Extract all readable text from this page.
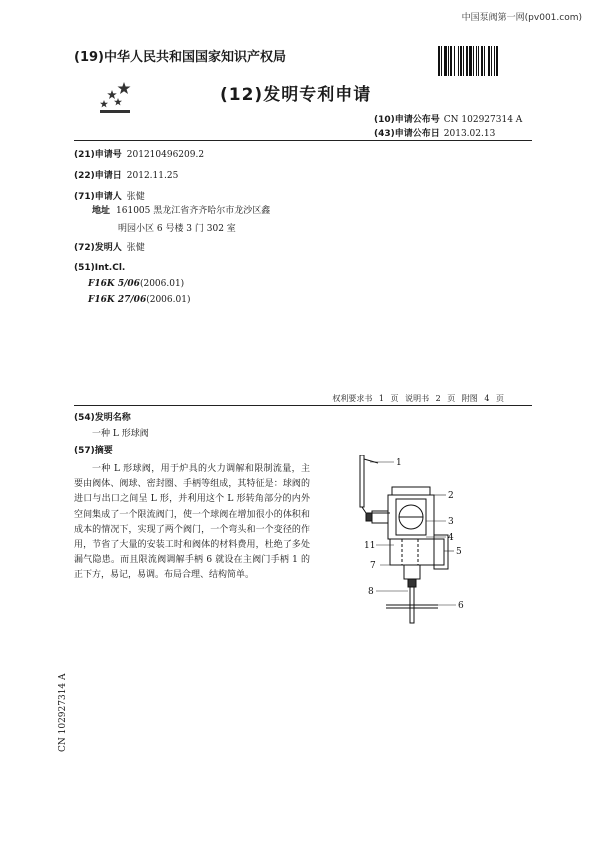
中国泵阀第一网(pv001.com)
(19)中华人民共和国国家知识产权局
(12)发明专利申请
(10)申请公布号 CN 102927314 A
(43)申请公布日 2013.02.13
(21)申请号 201210496209.2
(22)申请日 2012.11.25
(71)申请人 张健
地址 161005 黑龙江省齐齐哈尔市龙沙区鑫
明园小区 6 号楼 3 门 302 室
(72)发明人 张健
(51)Int.Cl.
F16K 5/06(2006.01)
F16K 27/06(2006.01)
权利要求书 1 页 说明书 2 页 附图 4 页
(54)发明名称
一种 L 形球阀
(57)摘要
一种 L 形球阀，用于炉具的火力调解和限制流量，主要由阀体、阀球、密封圈、手柄等组成，其特征是：球阀的进口与出口之间呈 L 形，并利用这个 L 形转角部分的内外空间集成了一个限流阀门，使一个球阀在增加很小的体积和成本的情况下，实现了两个阀门，一个弯头和一个变径的作用，节省了大量的安装工时和阀体的材料费用，杜绝了多处漏气隐患。而且限流阀调解手柄 6 就设在主阀门手柄 1 的正下方，易记，易调。布局合理、结构简单。
CN 102927314 A
1
2
3
4
5
11
7
8
6
